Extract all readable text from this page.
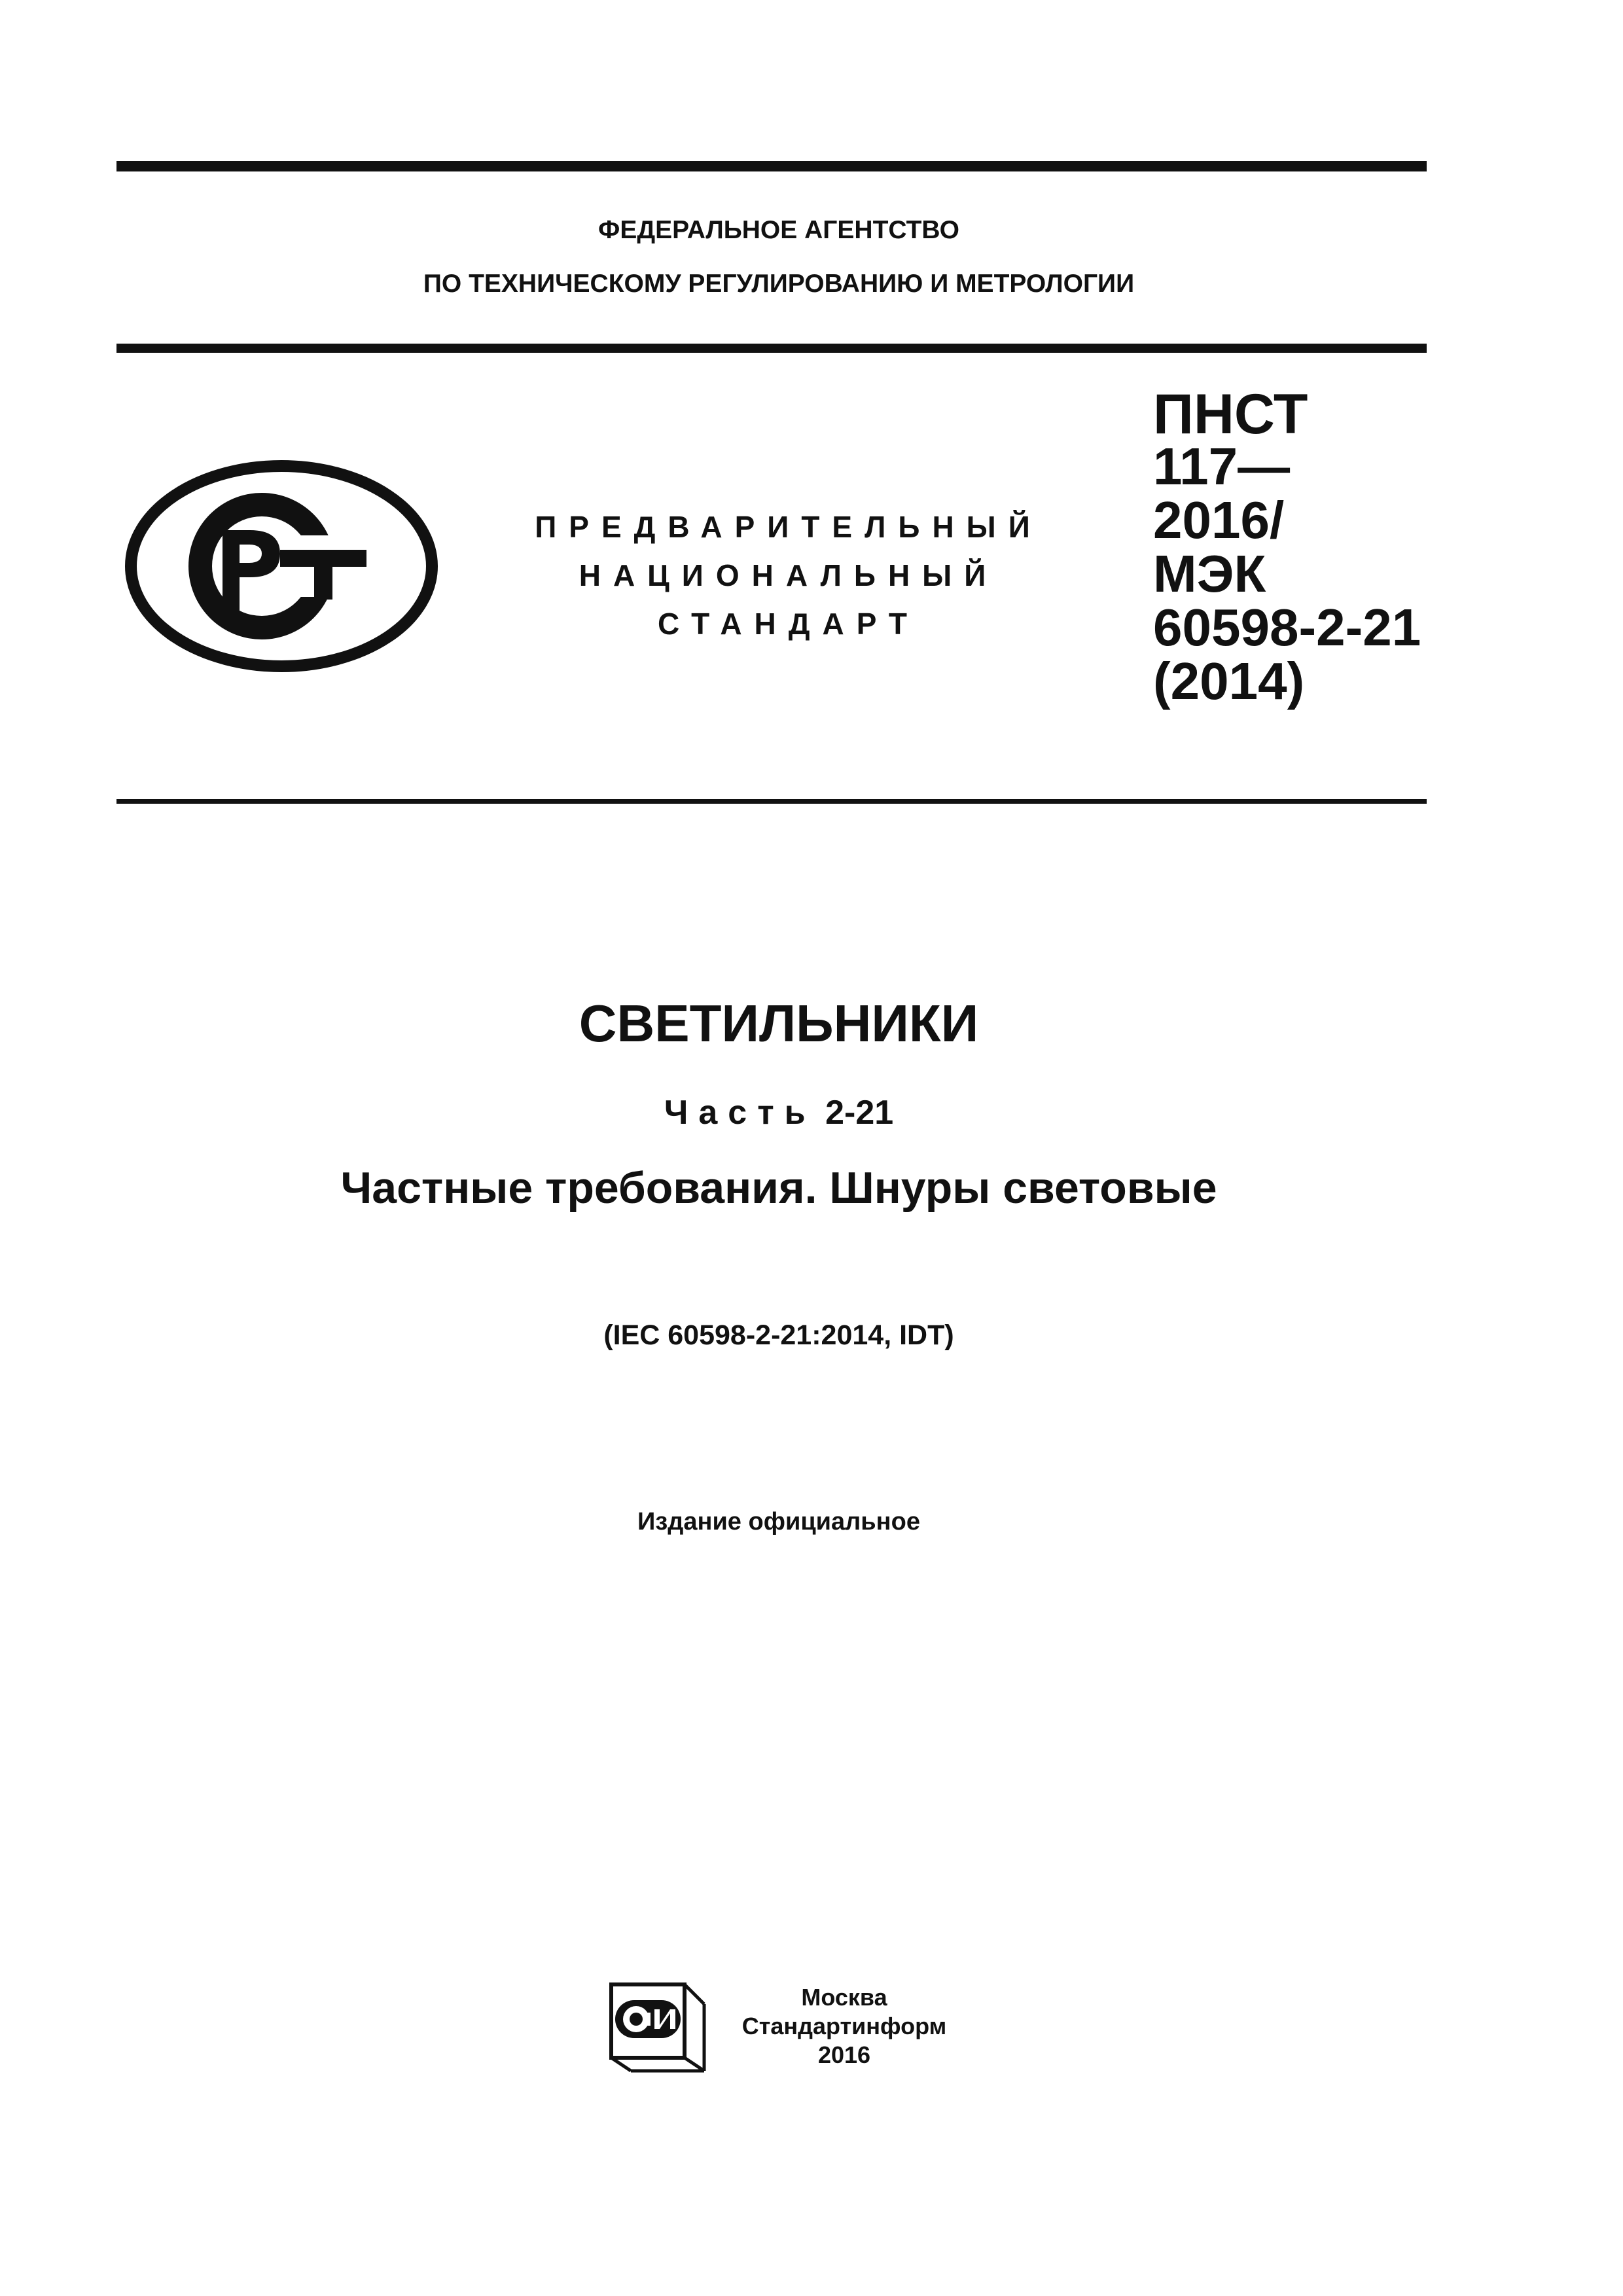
ФЕДЕРАЛЬНОЕ АГЕНТСТВО
ПО ТЕХНИЧЕСКОМУ РЕГУЛИРОВАНИЮ И МЕТРОЛОГИИ
ПРЕДВАРИТЕЛЬНЫЙ
НАЦИОНАЛЬНЫЙ
СТАНДАРТ
ПНСТ
117—
2016/
МЭК
60598-2-21
(2014)
СВЕТИЛЬНИКИ
Часть 2-21
Частные требования. Шнуры световые
(IEC 60598-2-21:2014, IDT)
Издание официальное
Москва
Стандартинформ
2016
